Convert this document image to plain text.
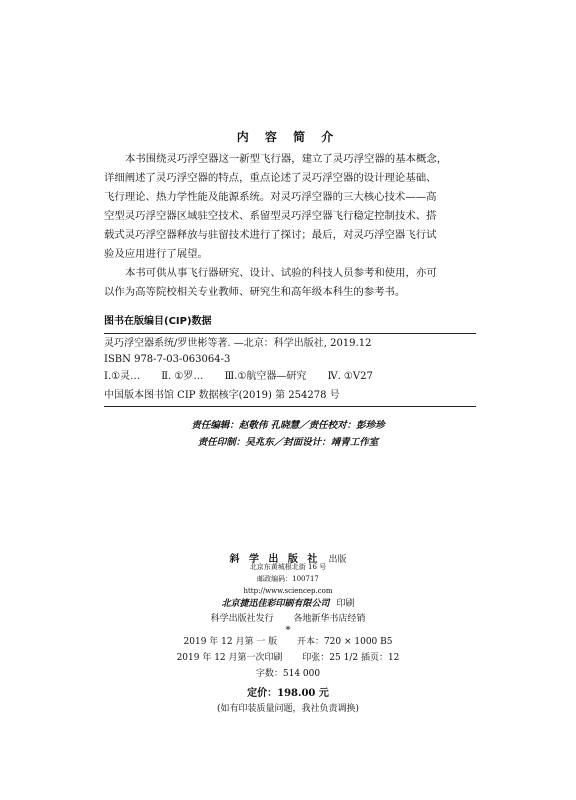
内 容 简 介
本书围绕灵巧浮空器这一新型飞行器，建立了灵巧浮空器的基本概念，
详细阐述了灵巧浮空器的特点，重点论述了灵巧浮空器的设计理论基础、
飞行理论、热力学性能及能源系统。对灵巧浮空器的三大核心技术——高
空型灵巧浮空器区域驻空技术、系留型灵巧浮空器飞行稳定控制技术、搭
载式灵巧浮空器释放与驻留技术进行了探讨；最后，对灵巧浮空器飞行试
验及应用进行了展望。
本书可供从事飞行器研究、设计、试验的科技人员参考和使用，亦可
以作为高等院校相关专业教师、研究生和高年级本科生的参考书。
图书在版编目(CIP)数据
灵巧浮空器系统/罗世彬等著. —北京：科学出版社, 2019.12
ISBN 978-7-03-063064-3
Ⅰ.①灵… Ⅱ. ①罗… Ⅲ.①航空器—研究 Ⅳ. ①V27
中国版本图书馆 CIP 数据核字(2019) 第 254278 号
责任编辑：赵敬伟 孔晓慧／责任校对：彭珍珍
责任印制：吴兆东／封面设计：靖青工作室
斜 学 出 版 社 出版
北京东黄城根北街 16 号
邮政编码：100717
http://www.sciencep.com
北京捷迅佳彩印刷有限公司 印刷
科学出版社发行 各地新华书店经销
*
2019 年 12 月第 一 版 开本：720 × 1000 B5
2019 年 12 月第一次印刷 印张：25 1/2 插页：12
字数：514 000
定价：198.00 元
(如有印装质量问题，我社负责调换)
